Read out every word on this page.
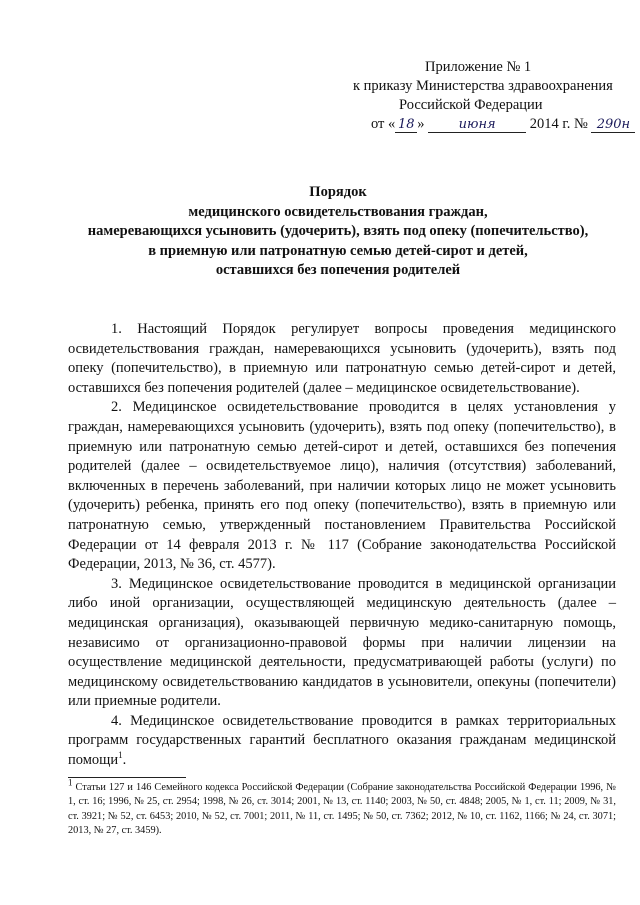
Приложение № 1
к приказу Министерства здравоохранения
Российской Федерации
от « 18 »	июня 2014 г. № 290н
Порядок
медицинского освидетельствования граждан,
намеревающихся усыновить (удочерить), взять под опеку (попечительство),
в приемную или патронатную семью детей-сирот и детей,
оставшихся без попечения родителей

1. Настоящий Порядок регулирует вопросы проведения медицинского освидетельствования граждан, намеревающихся усыновить (удочерить), взять под опеку (попечительство), в приемную или патронатную семью детей-сирот и детей, оставшихся без попечения родителей (далее – медицинское освидетельствование).

2. Медицинское освидетельствование проводится в целях установления у граждан, намеревающихся усыновить (удочерить), взять под опеку (попечительство), в приемную или патронатную семью детей-сирот и детей, оставшихся без попечения родителей (далее – освидетельствуемое лицо), наличия (отсутствия) заболеваний, включенных в перечень заболеваний, при наличии которых лицо не может усыновить (удочерить) ребенка, принять его под опеку (попечительство), взять в приемную или патронатную семью, утвержденный постановлением Правительства Российской Федерации от 14 февраля 2013 г. № 117 (Собрание законодательства Российской Федерации, 2013, № 36, ст. 4577).

3. Медицинское освидетельствование проводится в медицинской организации либо иной организации, осуществляющей медицинскую деятельность (далее – медицинская организация), оказывающей первичную медико-санитарную помощь, независимо от организационно-правовой формы при наличии лицензии на осуществление медицинской деятельности, предусматривающей работы (услуги) по медицинскому освидетельствованию кандидатов в усыновители, опекуны (попечители) или приемные родители.

4. Медицинское освидетельствование проводится в рамках территориальных программ государственных гарантий бесплатного оказания гражданам медицинской помощи$^1$.

$^1$ Статьи 127 и 146 Семейного кодекса Российской Федерации (Собрание законодательства Российской Федерации 1996, № 1, ст. 16; 1996, № 25, ст. 2954; 1998, № 26, ст. 3014; 2001, № 13, ст. 1140; 2003, № 50, ст. 4848; 2005, № 1, ст. 11; 2009, № 31, ст. 3921; № 52, ст. 6453; 2010, № 52, ст. 7001; 2011, № 11, ст. 1495; № 50, ст. 7362; 2012, № 10, ст. 1162, 1166; № 24, ст. 3071; 2013, № 27, ст. 3459).
